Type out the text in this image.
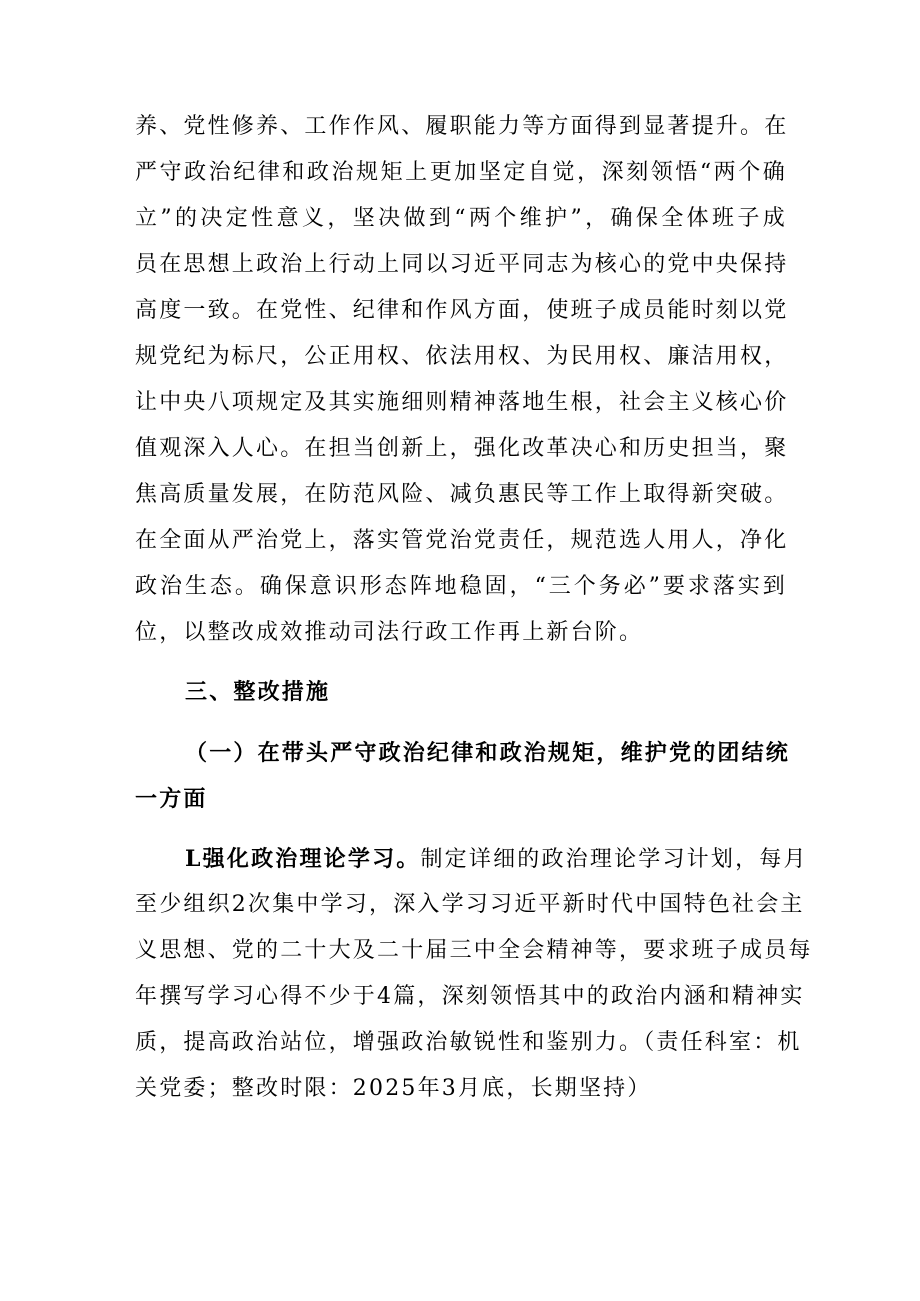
养、党性修养、工作作风、履职能力等方面得到显著提升。在
严守政治纪律和政治规矩上更加坚定自觉，深刻领悟“两个确
立”的决定性意义，坚决做到“两个维护”，确保全体班子成
员在思想上政治上行动上同以习近平同志为核心的党中央保持
高度一致。在党性、纪律和作风方面，使班子成员能时刻以党
规党纪为标尺，公正用权、依法用权、为民用权、廉洁用权，
让中央八项规定及其实施细则精神落地生根，社会主义核心价
值观深入人心。在担当创新上，强化改革决心和历史担当，聚
焦高质量发展，在防范风险、减负惠民等工作上取得新突破。
在全面从严治党上，落实管党治党责任，规范选人用人，净化
政治生态。确保意识形态阵地稳固，“三个务必”要求落实到
位，以整改成效推动司法行政工作再上新台阶。
三、整改措施
（一）在带头严守政治纪律和政治规矩，维护党的团结统
一方面
L强化政治理论学习。制定详细的政治理论学习计划，每月
至少组织2次集中学习，深入学习习近平新时代中国特色社会主
义思想、党的二十大及二十届三中全会精神等，要求班子成员每
年撰写学习心得不少于4篇，深刻领悟其中的政治内涵和精神实
质，提高政治站位，增强政治敏锐性和鉴别力。（责任科室：机
关党委；整改时限：2025年3月底，长期坚持）
